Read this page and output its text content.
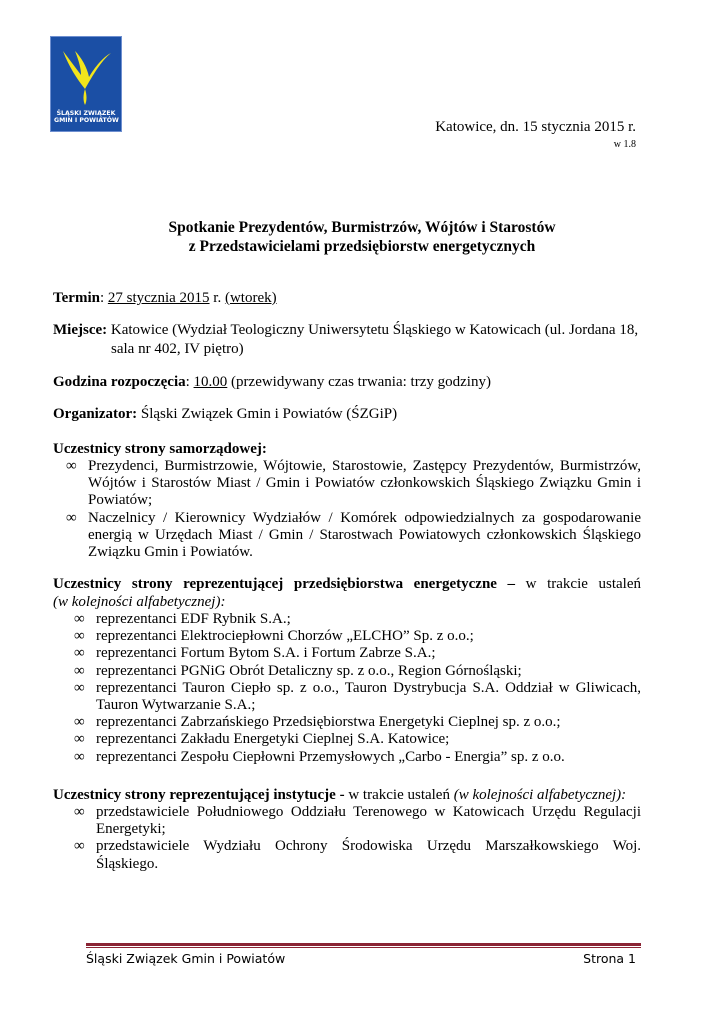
ŚLĄSKI ZWIĄZEK
GMIN I POWIATÓW	Katowice, dn. 15 stycznia 2015 r.
w 1.8
Spotkanie Prezydentów, Burmistrzów, Wójtów i Starostów
z Przedstawicielami przedsiębiorstw energetycznych
Termin: 27 stycznia 2015 r. (wtorek)
Miejsce: Katowice (Wydział Teologiczny Uniwersytetu Śląskiego w Katowicach (ul. Jordana 18,
sala nr 402, IV piętro)
Godzina rozpoczęcia: 10.00 (przewidywany czas trwania: trzy godziny)
Organizator: Śląski Związek Gmin i Powiatów (ŚZGiP)
Uczestnicy strony samorządowej:
∞ Prezydenci, Burmistrzowie, Wójtowie, Starostowie, Zastępcy Prezydentów, Burmistrzów, Wójtów i Starostów Miast / Gmin i Powiatów członkowskich Śląskiego Związku Gmin i Powiatów;
∞ Naczelnicy / Kierownicy Wydziałów / Komórek odpowiedzialnych za gospodarowanie energią w Urzędach Miast / Gmin / Starostwach Powiatowych członkowskich Śląskiego Związku Gmin i Powiatów.
Uczestnicy strony reprezentującej przedsiębiorstwa energetyczne – w trakcie ustaleń
(w kolejności alfabetycznej):
∞ reprezentanci EDF Rybnik S.A.;
∞ reprezentanci Elektrociepłowni Chorzów „ELCHO” Sp. z o.o.;
∞ reprezentanci Fortum Bytom S.A. i Fortum Zabrze S.A.;
∞ reprezentanci PGNiG Obrót Detaliczny sp. z o.o., Region Górnośląski;
∞ reprezentanci Tauron Ciepło sp. z o.o., Tauron Dystrybucja S.A. Oddział w Gliwicach, Tauron Wytwarzanie S.A.;
∞ reprezentanci Zabrzańskiego Przedsiębiorstwa Energetyki Cieplnej sp. z o.o.;
∞ reprezentanci Zakładu Energetyki Cieplnej S.A. Katowice;
∞ reprezentanci Zespołu Ciepłowni Przemysłowych „Carbo - Energia” sp. z o.o.
Uczestnicy strony reprezentującej instytucje - w trakcie ustaleń (w kolejności alfabetycznej):
∞ przedstawiciele Południowego Oddziału Terenowego w Katowicach Urzędu Regulacji Energetyki;
∞ przedstawiciele Wydziału Ochrony Środowiska Urzędu Marszałkowskiego Woj. Śląskiego.
Śląski Związek Gmin i Powiatów	Strona 1
